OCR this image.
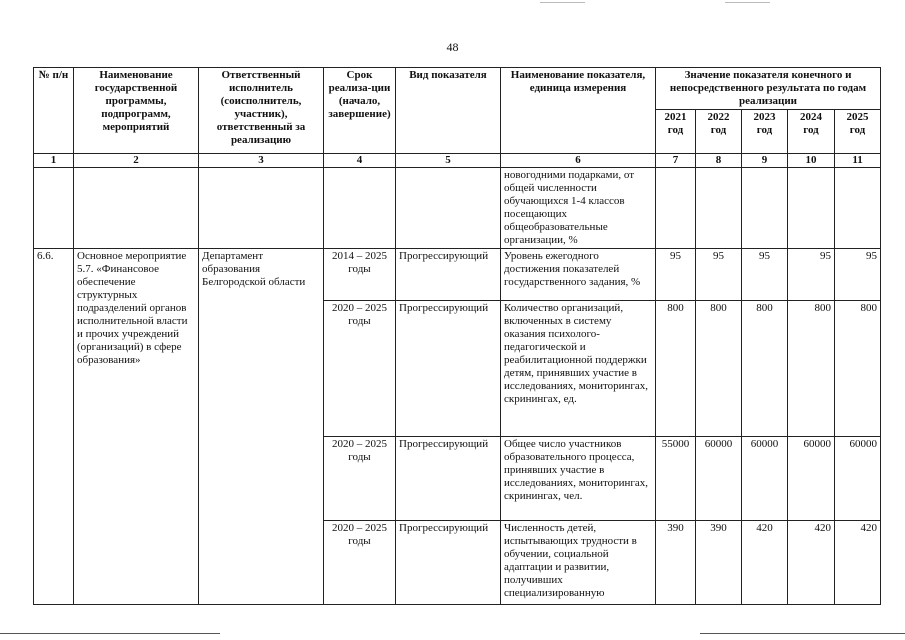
48
№ п/н	Наименование государственной программы, подпрограмм, мероприятий	Ответственный исполнитель (соисполнитель, участник), ответственный за реализацию	Срок реализа-ции (начало, завершение)	Вид показателя	Наименование показателя, единица измерения	Значение показателя конечного и непосредственного результата по годам реализации				
						2021 год	2022 год	2023 год	2024 год	2025 год
1	2	3	4	5	6	7	8	9	10	11
					новогодними подарками, от общей численности обучающихся 1-4 классов посещающих общеобразовательные организации, %					
6.6.	Основное мероприятие 5.7. «Финансовое обеспечение структурных подразделений органов исполнительной власти и прочих учреждений (организаций) в сфере образования»	Департамент образования Белгородской области	2014 – 2025 годы	Прогрессирующий	Уровень ежегодного достижения показателей государственного задания, %	95	95	95	95	95
			2020 – 2025 годы	Прогрессирующий	Количество организаций, включенных в систему оказания психолого-педагогической и реабилитационной поддержки детям, принявших участие в исследованиях, мониторингах, скринингах, ед.	800	800	800	800	800
			2020 – 2025 годы	Прогрессирующий	Общее число участников образовательного процесса, принявших участие в исследованиях, мониторингах, скринингах, чел.	55000	60000	60000	60000	60000
			2020 – 2025 годы	Прогрессирующий	Численность детей, испытывающих трудности в обучении, социальной адаптации и развитии, получивших специализированную	390	390	420	420	420
